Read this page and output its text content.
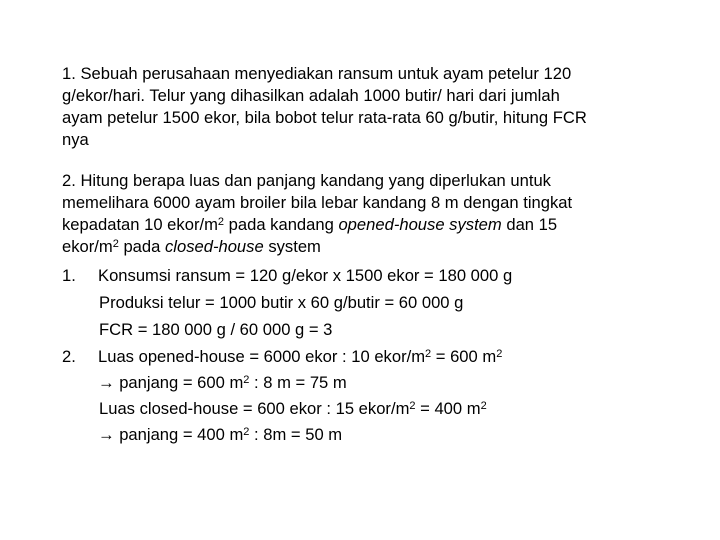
1. Sebuah perusahaan menyediakan ransum untuk ayam petelur 120

g/ekor/hari. Telur yang dihasilkan adalah 1000 butir/ hari dari jumlah

ayam petelur 1500 ekor, bila bobot telur rata-rata 60 g/butir, hitung FCR

nya

2. Hitung berapa luas dan panjang kandang yang diperlukan untuk

memelihara 6000 ayam broiler bila lebar kandang 8 m dengan tingkat

kepadatan 10 ekor/$m^2$ pada kandang opened-house system dan 15

ekor/$m^2$ pada closed-house system

1. Konsumsi ransum = 120 g/ekor x 1500 ekor = 180 000 g
Produksi telur = 1000 butir x 60 g/butir = 60 000 g
FCR = 180 000 g / 60 000 g = 3
2. Luas opened-house = 6000 ekor : 10 ekor/$m^2 = 600$ $m^2$
→ panjang = 600 $m^2$ : 8 m = 75 m
Luas closed-house = 600 ekor : 15 ekor/$m^2 = 400$ $m^2$
→ panjang = 400 $m^2$ : 8m = 50 m
